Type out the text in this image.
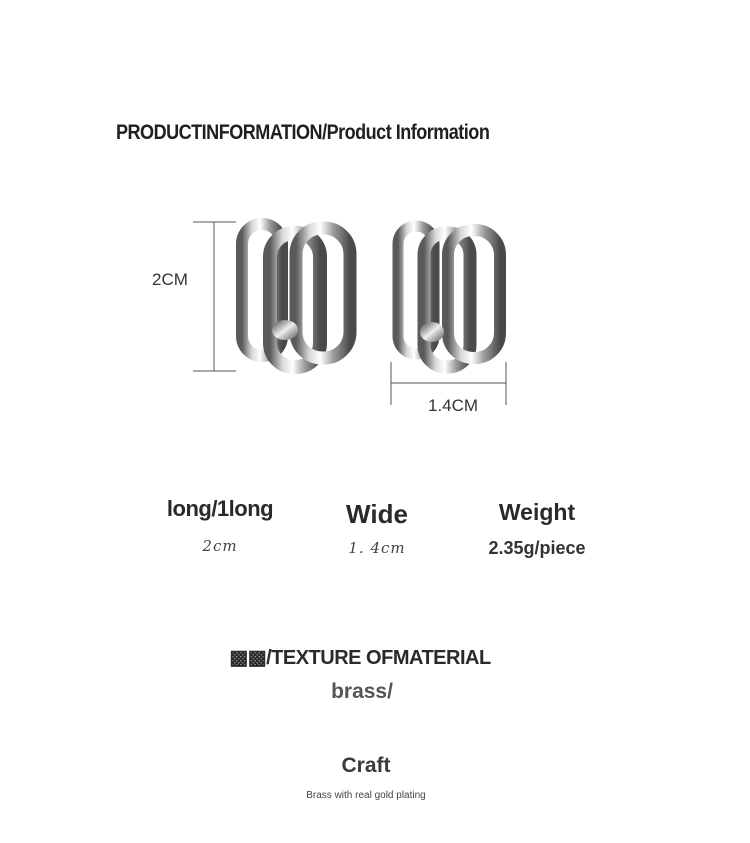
PRODUCTINFORMATION/Product Information
2CM
1.4CM
long/1long
2cm
Wide
1. 4cm
Weight
2.35g/piece
▩▩/TEXTURE OFMATERIAL
brass/
Craft
Brass with real gold plating
